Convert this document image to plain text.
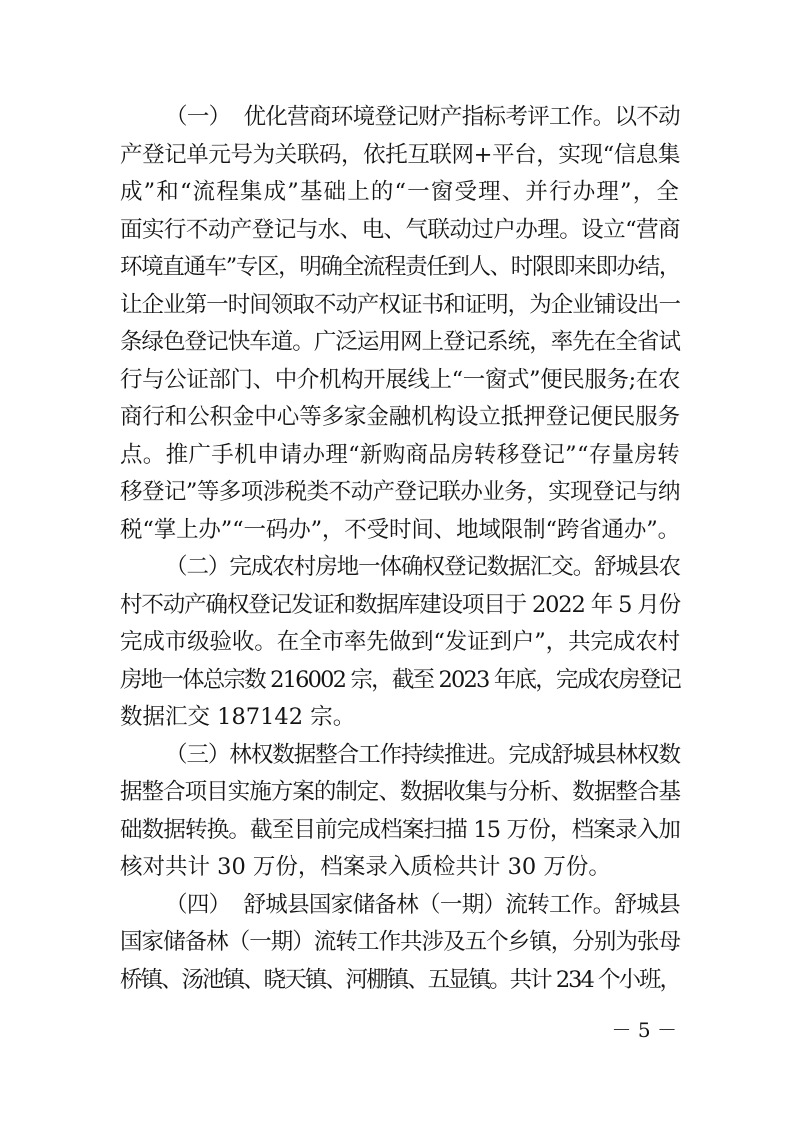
（一）  优化营商环境登记财产指标考评工作。以不动
产登记单元号为关联码，依托互联网+平台，实现“信息集
成”和“流程集成”基础上的“一窗受理、并行办理”，全
面实行不动产登记与水、电、气联动过户办理。设立“营商
环境直通车”专区，明确全流程责任到人、时限即来即办结，
让企业第一时间领取不动产权证书和证明，为企业铺设出一
条绿色登记快车道。广泛运用网上登记系统，率先在全省试
行与公证部门、中介机构开展线上“一窗式”便民服务;在农
商行和公积金中心等多家金融机构设立抵押登记便民服务
点。推广手机申请办理“新购商品房转移登记”“存量房转
移登记”等多项涉税类不动产登记联办业务，实现登记与纳
税“掌上办”“一码办”，不受时间、地域限制“跨省通办”。
（二）完成农村房地一体确权登记数据汇交。舒城县农
村不动产确权登记发证和数据库建设项目于 2022 年 5 月份
完成市级验收。在全市率先做到“发证到户”，共完成农村
房地一体总宗数 216002 宗，截至 2023 年底，完成农房登记
数据汇交 187142 宗。
（三）林权数据整合工作持续推进。完成舒城县林权数
据整合项目实施方案的制定、数据收集与分析、数据整合基
础数据转换。截至目前完成档案扫描 15 万份，档案录入加
核对共计 30 万份，档案录入质检共计 30 万份。
（四）  舒城县国家储备林（一期）流转工作。舒城县
国家储备林（一期）流转工作共涉及五个乡镇，分别为张母
桥镇、汤池镇、晓天镇、河棚镇、五显镇。共计 234 个小班，
－ 5 －
